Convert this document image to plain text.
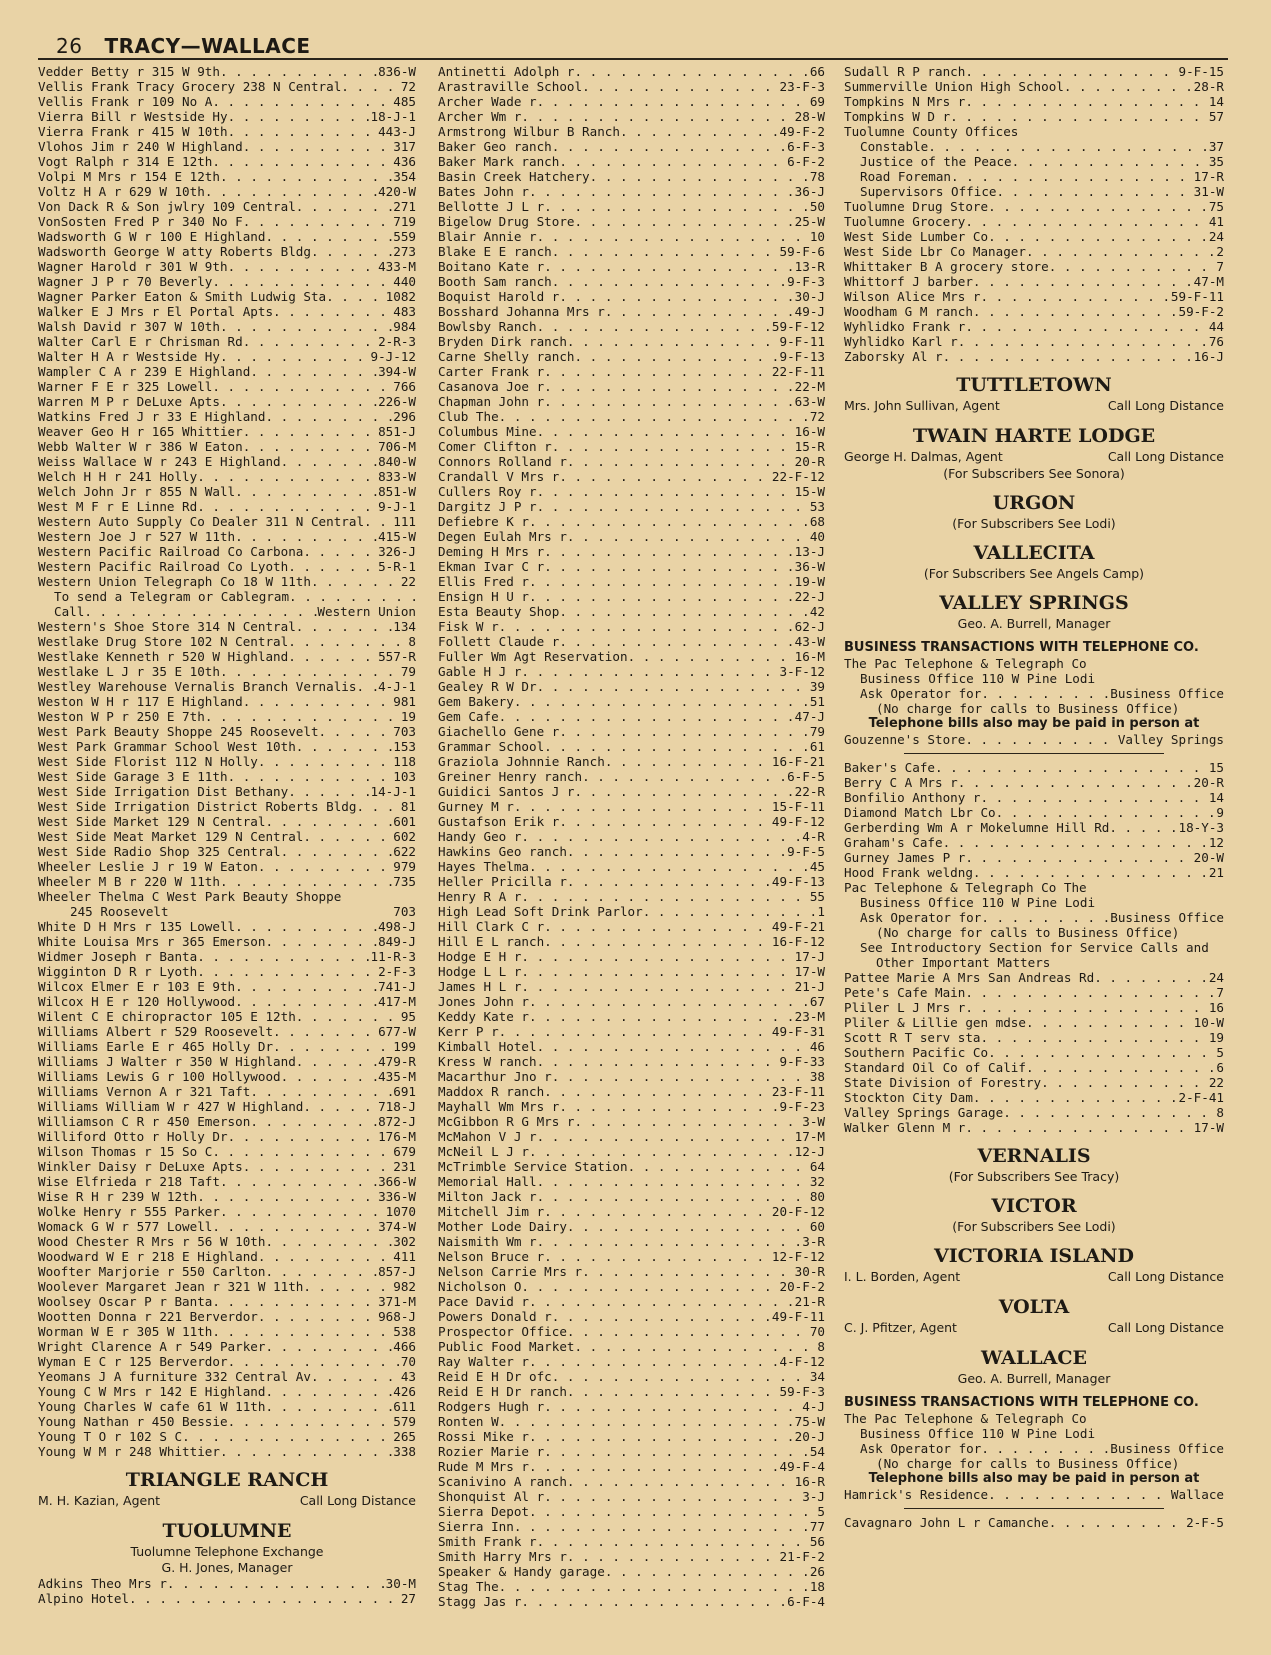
26 TRACY—WALLACE
Vedder Betty r 315 W 9th . . .	836-W
Vellis Frank Tracy Grocery 238 N Central . . .	72
Vellis Frank r 109 No A . . .	485
Vierra Bill r Westside Hy . . .	18-J-1
Vierra Frank r 415 W 10th . . .	443-J
Vlohos Jim r 240 W Highland . . .	317
Vogt Ralph r 314 E 12th . . .	436
Volpi M Mrs r 154 E 12th . . .	354
Voltz H A r 629 W 10th . . .	420-W
Von Dack R & Son jwlry 109 Central . . .	271
VonSosten Fred P r 340 No F . . .	719
Wadsworth G W r 100 E Highland . . .	559
Wadsworth George W atty Roberts Bldg . . .	273
Wagner Harold r 301 W 9th . . .	433-M
Wagner J P r 70 Beverly . . .	440
Wagner Parker Eaton & Smith Ludwig Sta . . .	1082
Walker E J Mrs r El Portal Apts . . .	483
Walsh David r 307 W 10th . . .	984
Walter Carl E r Chrisman Rd . . .	2-R-3
Walter H A r Westside Hy . . .	9-J-12
Wampler C A r 239 E Highland . . .	394-W
Warner F E r 325 Lowell . . .	766
Warren M P r DeLuxe Apts . . .	226-W
Watkins Fred J r 33 E Highland . . .	296
Weaver Geo H r 165 Whittier . . .	851-J
Webb Walter W r 386 W Eaton . . .	706-M
Weiss Wallace W r 243 E Highland . . .	840-W
Welch H H r 241 Holly . . .	833-W
Welch John Jr r 855 N Wall . . .	851-W
West M F r E Linne Rd . . .	9-J-1
Western Auto Supply Co Dealer 311 N Central . . . 111
Western Joe J r 527 W 11th . . .	415-W
Western Pacific Railroad Co Carbona . . .	326-J
Western Pacific Railroad Co Lyoth . . .	5-R-1
Western Union Telegraph Co 18 W 11th . . .	22
To send a Telegram or Cablegram
. . .
Call . . .	Western Union
Western's Shoe Store 314 N Central . . .	134
Westlake Drug Store 102 N Central . . .	8
Westlake Kenneth r 520 W Highland . . .	557-R
Westlake L J r 35 E 10th . . .	79
Westley Warehouse Vernalis Branch Vernalis . . . 4-J-1
Weston W H r 117 E Highland . . .	981
Weston W P r 250 E 7th . . .	19
West Park Beauty Shoppe 245 Roosevelt . . .	703
West Park Grammar School West 10th . . .	153
West Side Florist 112 N Holly . . .	118
West Side Garage 3 E 11th . . .	103
West Side Irrigation Dist Bethany . . .	14-J-1
West Side Irrigation District Roberts Bldg . . .	81
West Side Market 129 N Central . . .	601
West Side Meat Market 129 N Central . . .	602
West Side Radio Shop 325 Central . . .	622
Wheeler Leslie J r 19 W Eaton . . .	979
Wheeler M B r 220 W 11th . . .	735
Wheeler Thelma C West Park Beauty Shoppe
245 Roosevelt	703
White D H Mrs r 135 Lowell . . .	498-J
White Louisa Mrs r 365 Emerson . . .	849-J
Widmer Joseph r Banta . . .	11-R-3
Wigginton D R r Lyoth . . .	2-F-3
Wilcox Elmer E r 103 E 9th . . .	741-J
Wilcox H E r 120 Hollywood . . .	417-M
Wilent C E chiropractor 105 E 12th . . .	95
Williams Albert r 529 Roosevelt . . .	677-W
Williams Earle E r 465 Holly Dr . . .	199
Williams J Walter r 350 W Highland . . .	479-R
Williams Lewis G r 100 Hollywood . . .	435-M
Williams Vernon A r 321 Taft . . .	691
Williams William W r 427 W Highland . . .	718-J
Williamson C R r 450 Emerson . . .	872-J
Williford Otto r Holly Dr . . .	176-M
Wilson Thomas r 15 So C . . .	679
Winkler Daisy r DeLuxe Apts . . .	231
Wise Elfrieda r 218 Taft . . .	366-W
Wise R H r 239 W 12th . . .	336-W
Wolke Henry r 555 Parker . . .	1070
Womack G W r 577 Lowell . . .	374-W
Wood Chester R Mrs r 56 W 10th . . .	302
Woodward W E r 218 E Highland . . .	411
Woofter Marjorie r 550 Carlton . . .	857-J
Woolever Margaret Jean r 321 W 11th . . .	982
Woolsey Oscar P r Banta . . .	371-M
Wootten Donna r 221 Berverdor . . .	968-J
Worman W E r 305 W 11th . . .	538
Wright Clarence A r 549 Parker . . .	466
Wyman E C r 125 Berverdor . . .	70
Yeomans J A furniture 332 Central Av . . .	43
Young C W Mrs r 142 E Highland . . .	426
Young Charles W cafe 61 W 11th . . .	611
Young Nathan r 450 Bessie . . .	579
Young T O r 102 S C . . .	265
Young W M r 248 Whittier . . .	338
TRIANGLE RANCH
M. H. Kazian, Agent	Call Long Distance
TUOLUMNE
Tuolumne Telephone Exchange
G. H. Jones, Manager
Adkins Theo Mrs r . . .	30-M
Alpino Hotel . . .	27
Antinetti Adolph r . . .	66
Arastraville School . . .	23-F-3
Archer Wade r . . .	69
Archer Wm r . . .	28-W
Armstrong Wilbur B Ranch . . .	49-F-2
Baker Geo ranch . . .	6-F-3
Baker Mark ranch . . .	6-F-2
Basin Creek Hatchery . . .	78
Bates John r . . .	36-J
Bellotte J L r . . .	50
Bigelow Drug Store . . .	25-W
Blair Annie r . . .	10
Blake E E ranch . . .	59-F-6
Boitano Kate r . . .	13-R
Booth Sam ranch . . .	9-F-3
Boquist Harold r . . .	30-J
Bosshard Johanna Mrs r . . .	49-J
Bowlsby Ranch . . .	59-F-12
Bryden Dirk ranch . . .	9-F-11
Carne Shelly ranch . . .	9-F-13
Carter Frank r . . .	22-F-11
Casanova Joe r . . .	22-M
Chapman John r . . .	63-W
Club The . . .	72
Columbus Mine . . .	16-W
Comer Clifton r . . .	15-R
Connors Rolland r . . .	20-R
Crandall V Mrs r . . .	22-F-12
Cullers Roy r . . .	15-W
Dargitz J P r . . .	53
Defiebre K r . . .	68
Degen Eulah Mrs r . . .	40
Deming H Mrs r . . .	13-J
Ekman Ivar C r . . .	36-W
Ellis Fred r . . .	19-W
Ensign H U r . . .	22-J
Esta Beauty Shop . . .	42
Fisk W r . . .	62-J
Follett Claude r . . .	43-W
Fuller Wm Agt Reservation . . .	16-M
Gable H J r . . .	3-F-12
Gealey R W Dr . . .	39
Gem Bakery . . .	51
Gem Cafe . . .	47-J
Giachello Gene r . . .	79
Grammar School . . .	61
Graziola Johnnie Ranch . . .	16-F-21
Greiner Henry ranch . . .	6-F-5
Guidici Santos J r . . .	22-R
Gurney M r . . .	15-F-11
Gustafson Erik r . . .	49-F-12
Handy Geo r . . .	4-R
Hawkins Geo ranch . . .	9-F-5
Hayes Thelma . . .	45
Heller Pricilla r . . .	49-F-13
Henry R A r . . .	55
High Lead Soft Drink Parlor . . .	1
Hill Clark C r . . .	49-F-21
Hill E L ranch . . .	16-F-12
Hodge E H r . . .	17-J
Hodge L L r . . .	17-W
James H L r . . .	21-J
Jones John r . . .	67
Keddy Kate r . . .	23-M
Kerr P r . . .	49-F-31
Kimball Hotel . . .	46
Kress W ranch . . .	9-F-33
Macarthur Jno r . . .	38
Maddox R ranch . . .	23-F-11
Mayhall Wm Mrs r . . .	9-F-23
McGibbon R G Mrs r . . .	3-W
McMahon V J r . . .	17-M
McNeil L J r . . .	12-J
McTrimble Service Station . . .	64
Memorial Hall . . .	32
Milton Jack r . . .	80
Mitchell Jim r . . .	20-F-12
Mother Lode Dairy . . .	60
Naismith Wm r . . .	3-R
Nelson Bruce r . . .	12-F-12
Nelson Carrie Mrs r . . .	30-R
Nicholson O . . .	20-F-2
Pace David r . . .	21-R
Powers Donald r . . .	49-F-11
Prospector Office . . .	70
Public Food Market . . .	8
Ray Walter r . . .	4-F-12
Reid E H Dr ofc . . .	34
Reid E H Dr ranch . . .	59-F-3
Rodgers Hugh r . . .	4-J
Ronten W . . .	75-W
Rossi Mike r . . .	20-J
Rozier Marie r . . .	54
Rude M Mrs r . . .	49-F-4
Scanivino A ranch . . .	16-R
Shonquist Al r . . .	3-J
Sierra Depot . . .	5
Sierra Inn . . .	77
Smith Frank r . . .	56
Smith Harry Mrs r . . .	21-F-2
Speaker & Handy garage . . .	26
Stag The . . .	18
Stagg Jas r . . .	6-F-4
Sudall R P ranch . . .	9-F-15
Summerville Union High School . . .	28-R
Tompkins N Mrs r . . .	14
Tompkins W D r . . .	57
Tuolumne County Offices
Constable . . .	37
Justice of the Peace . . .	35
Road Foreman . . .	17-R
Supervisors Office . . .	31-W
Tuolumne Drug Store . . .	75
Tuolumne Grocery . . .	41
West Side Lumber Co . . .	24
West Side Lbr Co Manager . . .	2
Whittaker B A grocery store . . .	7
Whittorf J barber . . .	47-M
Wilson Alice Mrs r . . .	59-F-11
Woodham G M ranch . . .	59-F-2
Wyhlidko Frank r . . .	44
Wyhlidko Karl r . . .	76
Zaborsky Al r . . .	16-J
TUTTLETOWN
Mrs. John Sullivan, Agent	Call Long Distance
TWAIN HARTE LODGE
George H. Dalmas, Agent	Call Long Distance
(For Subscribers See Sonora)
URGON
(For Subscribers See Lodi)
VALLECITA
(For Subscribers See Angels Camp)
VALLEY SPRINGS
Geo. A. Burrell, Manager
BUSINESS TRANSACTIONS WITH TELEPHONE CO.
The Pac Telephone & Telegraph Co
Business Office 110 W Pine Lodi
Ask Operator for . . .	Business Office
(No charge for calls to Business Office)
Telephone bills also may be paid in person at
Gouzenne's Store . . .	Valley Springs
Baker's Cafe . . .	15
Berry C A Mrs r . . .	20-R
Bonfilio Anthony r . . .	14
Diamond Match Lbr Co . . .	9
Gerberding Wm A r Mokelumne Hill Rd . . .	18-Y-3
Graham's Cafe . . .	12
Gurney James P r . . .	20-W
Hood Frank weldng . . .	21
Pac Telephone & Telegraph Co The
Business Office 110 W Pine Lodi
Ask Operator for . . .	Business Office
(No charge for calls to Business Office)
See Introductory Section for Service Calls and
Other Important Matters
Pattee Marie A Mrs San Andreas Rd . . .	24
Pete's Cafe Main . . .	7
Pliler L J Mrs r . . .	16
Pliler & Lillie gen mdse . . .	10-W
Scott R T serv sta . . .	19
Southern Pacific Co . . .	5
Standard Oil Co of Calif . . .	6
State Division of Forestry . . .	22
Stockton City Dam . . .	2-F-41
Valley Springs Garage . . .	8
Walker Glenn M r . . .	17-W
VERNALIS
(For Subscribers See Tracy)
VICTOR
(For Subscribers See Lodi)
VICTORIA ISLAND
I. L. Borden, Agent	Call Long Distance
VOLTA
C. J. Pfitzer, Agent	Call Long Distance
WALLACE
Geo. A. Burrell, Manager
BUSINESS TRANSACTIONS WITH TELEPHONE CO.
The Pac Telephone & Telegraph Co
Business Office 110 W Pine Lodi
Ask Operator for . . .	Business Office
(No charge for calls to Business Office)
Telephone bills also may be paid in person at
Hamrick's Residence . . .	Wallace
Cavagnaro John L r Camanche . . .	2-F-5
